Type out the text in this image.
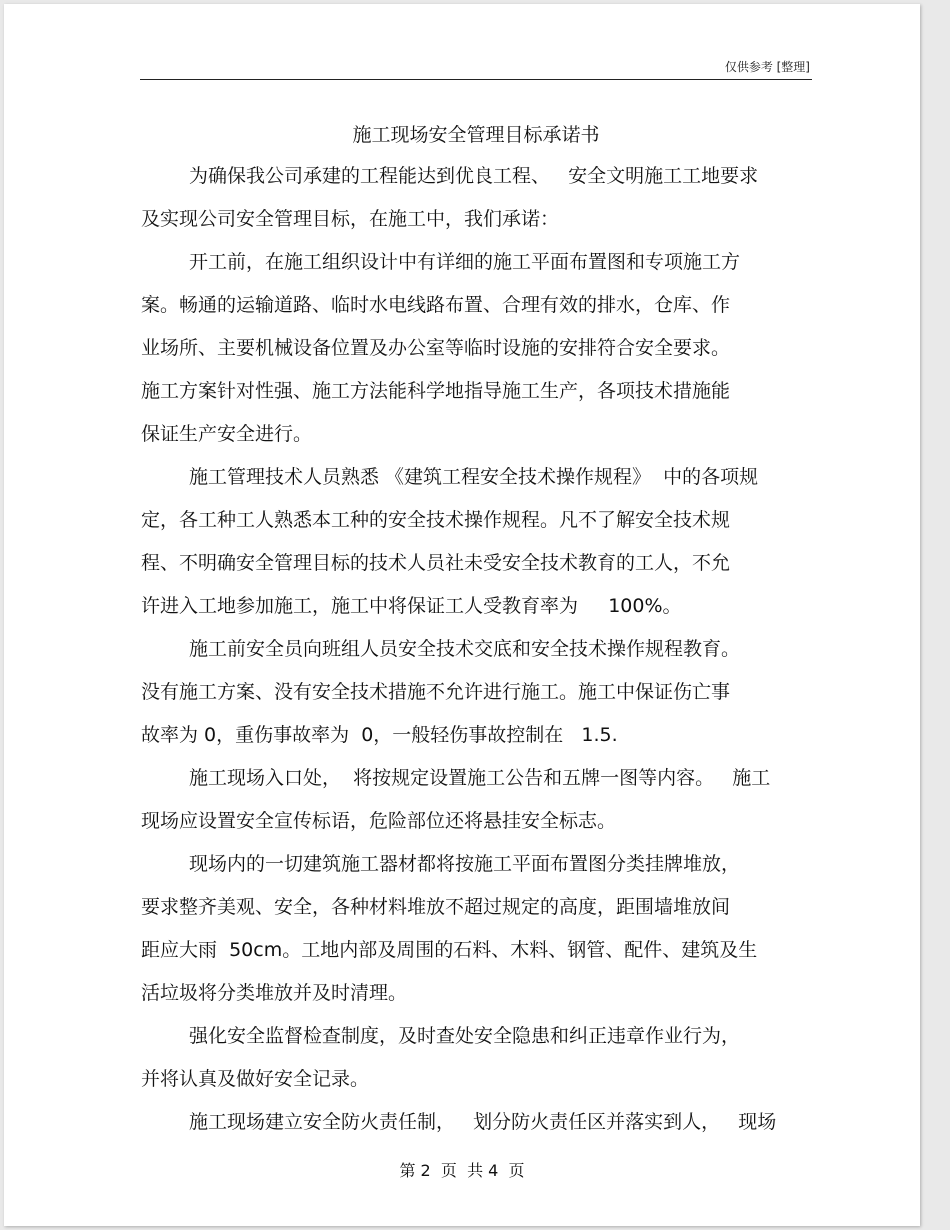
仅供参考 [整理]
施工现场安全管理目标承诺书
为确保我公司承建的工程能达到优良工程、   安全文明施工工地要求
及实现公司安全管理目标，在施工中，我们承诺：
开工前，在施工组织设计中有详细的施工平面布置图和专项施工方
案。畅通的运输道路、临时水电线路布置、合理有效的排水，仓库、作
业场所、主要机械设备位置及办公室等临时设施的安排符合安全要求。
施工方案针对性强、施工方法能科学地指导施工生产，各项技术措施能
保证生产安全进行。
施工管理技术人员熟悉 《建筑工程安全技术操作规程》  中的各项规
定，各工种工人熟悉本工种的安全技术操作规程。凡不了解安全技术规
程、不明确安全管理目标的技术人员社未受安全技术教育的工人，不允
许进入工地参加施工，施工中将保证工人受教育率为     100%。
施工前安全员向班组人员安全技术交底和安全技术操作规程教育。
没有施工方案、没有安全技术措施不允许进行施工。施工中保证伤亡事
故率为 0，重伤事故率为  0，一般轻伤事故控制在   1.5.
施工现场入口处，  将按规定设置施工公告和五牌一图等内容。   施工
现场应设置安全宣传标语，危险部位还将悬挂安全标志。
现场内的一切建筑施工器材都将按施工平面布置图分类挂牌堆放，
要求整齐美观、安全，各种材料堆放不超过规定的高度，距围墙堆放间
距应大雨  50cm。工地内部及周围的石料、木料、钢管、配件、建筑及生
活垃圾将分类堆放并及时清理。
强化安全监督检查制度，及时查处安全隐患和纠正违章作业行为，
并将认真及做好安全记录。
施工现场建立安全防火责任制，   划分防火责任区并落实到人，   现场
第 2  页  共 4  页
